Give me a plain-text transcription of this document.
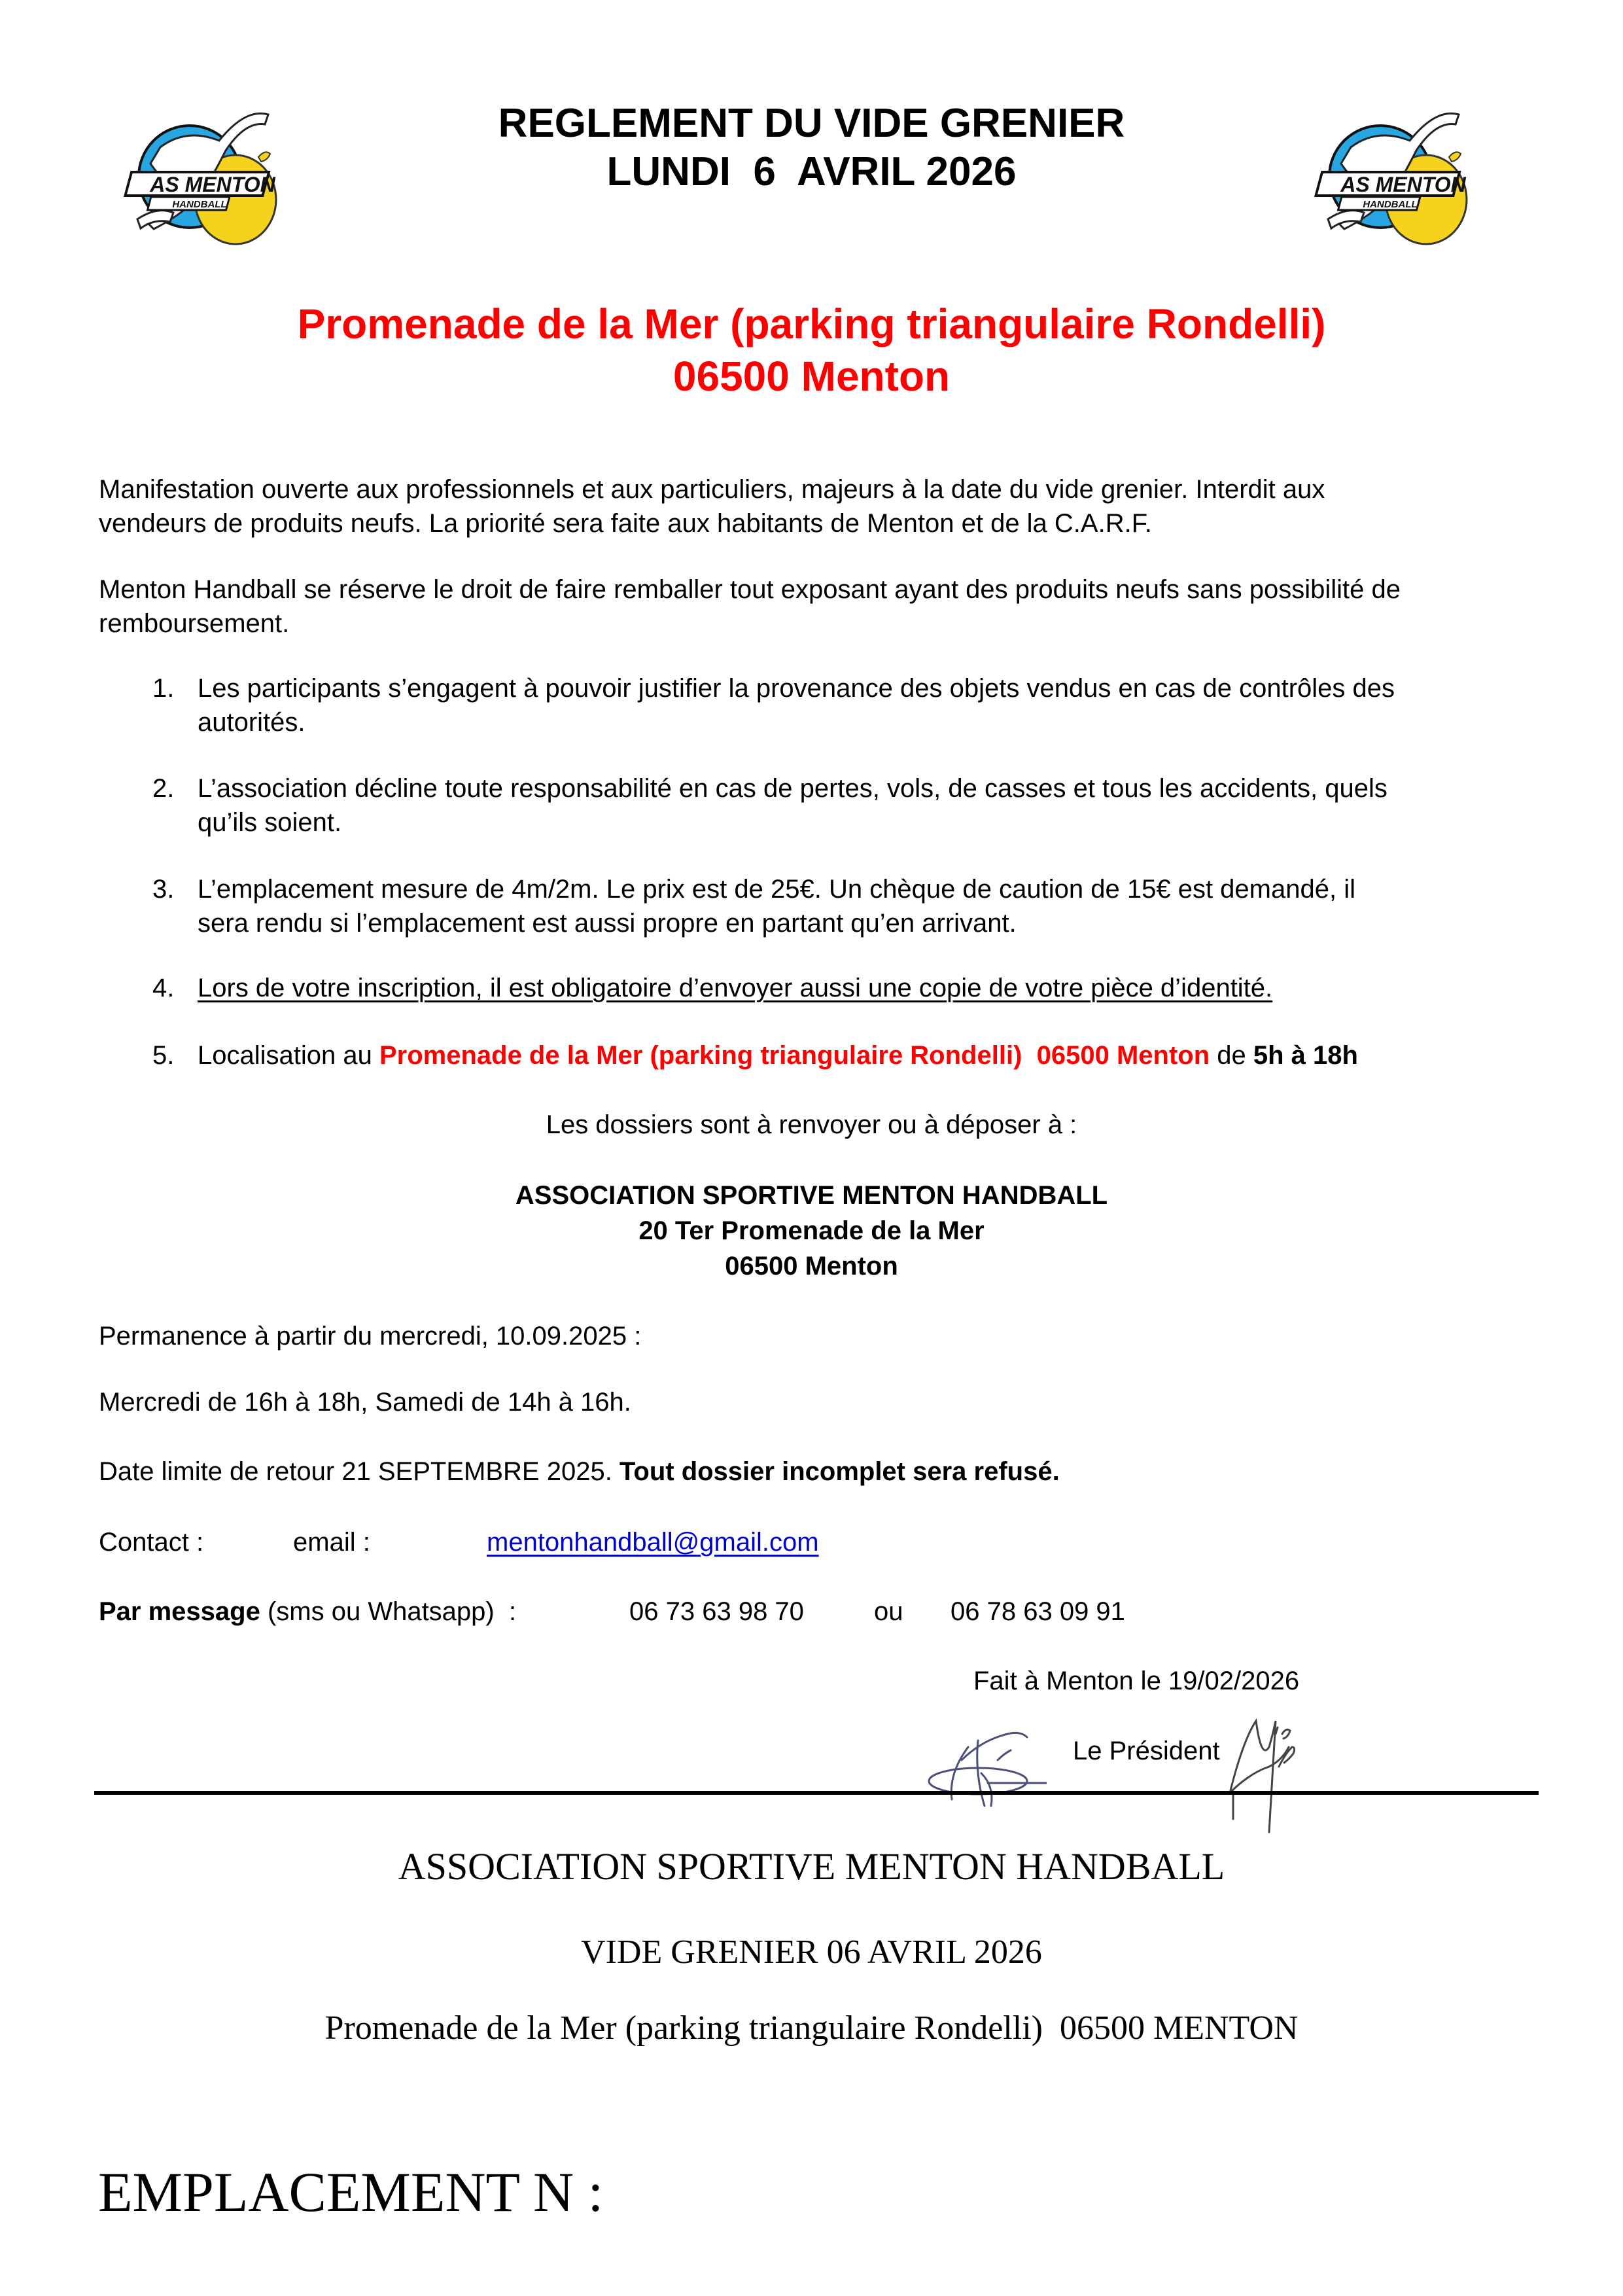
AS MENTON
HANDBALL
AS MENTON
HANDBALL
REGLEMENT DU VIDE GRENIER
LUNDI  6  AVRIL 2026
Promenade de la Mer (parking triangulaire Rondelli)
06500 Menton
Manifestation ouverte aux professionnels et aux particuliers, majeurs à la date du vide grenier. Interdit aux
vendeurs de produits neufs. La priorité sera faite aux habitants de Menton et de la C.A.R.F.
Menton Handball se réserve le droit de faire remballer tout exposant ayant des produits neufs sans possibilité de
remboursement.
1. Les participants s’engagent à pouvoir justifier la provenance des objets vendus en cas de contrôles des
autorités.
2. L’association décline toute responsabilité en cas de pertes, vols, de casses et tous les accidents, quels
qu’ils soient.
3. L’emplacement mesure de 4m/2m. Le prix est de 25€. Un chèque de caution de 15€ est demandé, il
sera rendu si l’emplacement est aussi propre en partant qu’en arrivant.
4. Lors de votre inscription, il est obligatoire d’envoyer aussi une copie de votre pièce d’identité.
5. Localisation au Promenade de la Mer (parking triangulaire Rondelli)  06500 Menton de 5h à 18h
Les dossiers sont à renvoyer ou à déposer à :
ASSOCIATION SPORTIVE MENTON HANDBALL
20 Ter Promenade de la Mer
06500 Menton
Permanence à partir du mercredi, 10.09.2025 :
Mercredi de 16h à 18h, Samedi de 14h à 16h.
Date limite de retour 21 SEPTEMBRE 2025. Tout dossier incomplet sera refusé.
Contact :	email :	mentonhandball@gmail.com
Par message (sms ou Whatsapp)  :	06 73 63 98 70	ou 06 78 63 09 91
Fait à Menton le 19/02/2026
Le Président
ASSOCIATION SPORTIVE MENTON HANDBALL
VIDE GRENIER 06 AVRIL 2026
Promenade de la Mer (parking triangulaire Rondelli)  06500 MENTON
EMPLACEMENT N :
